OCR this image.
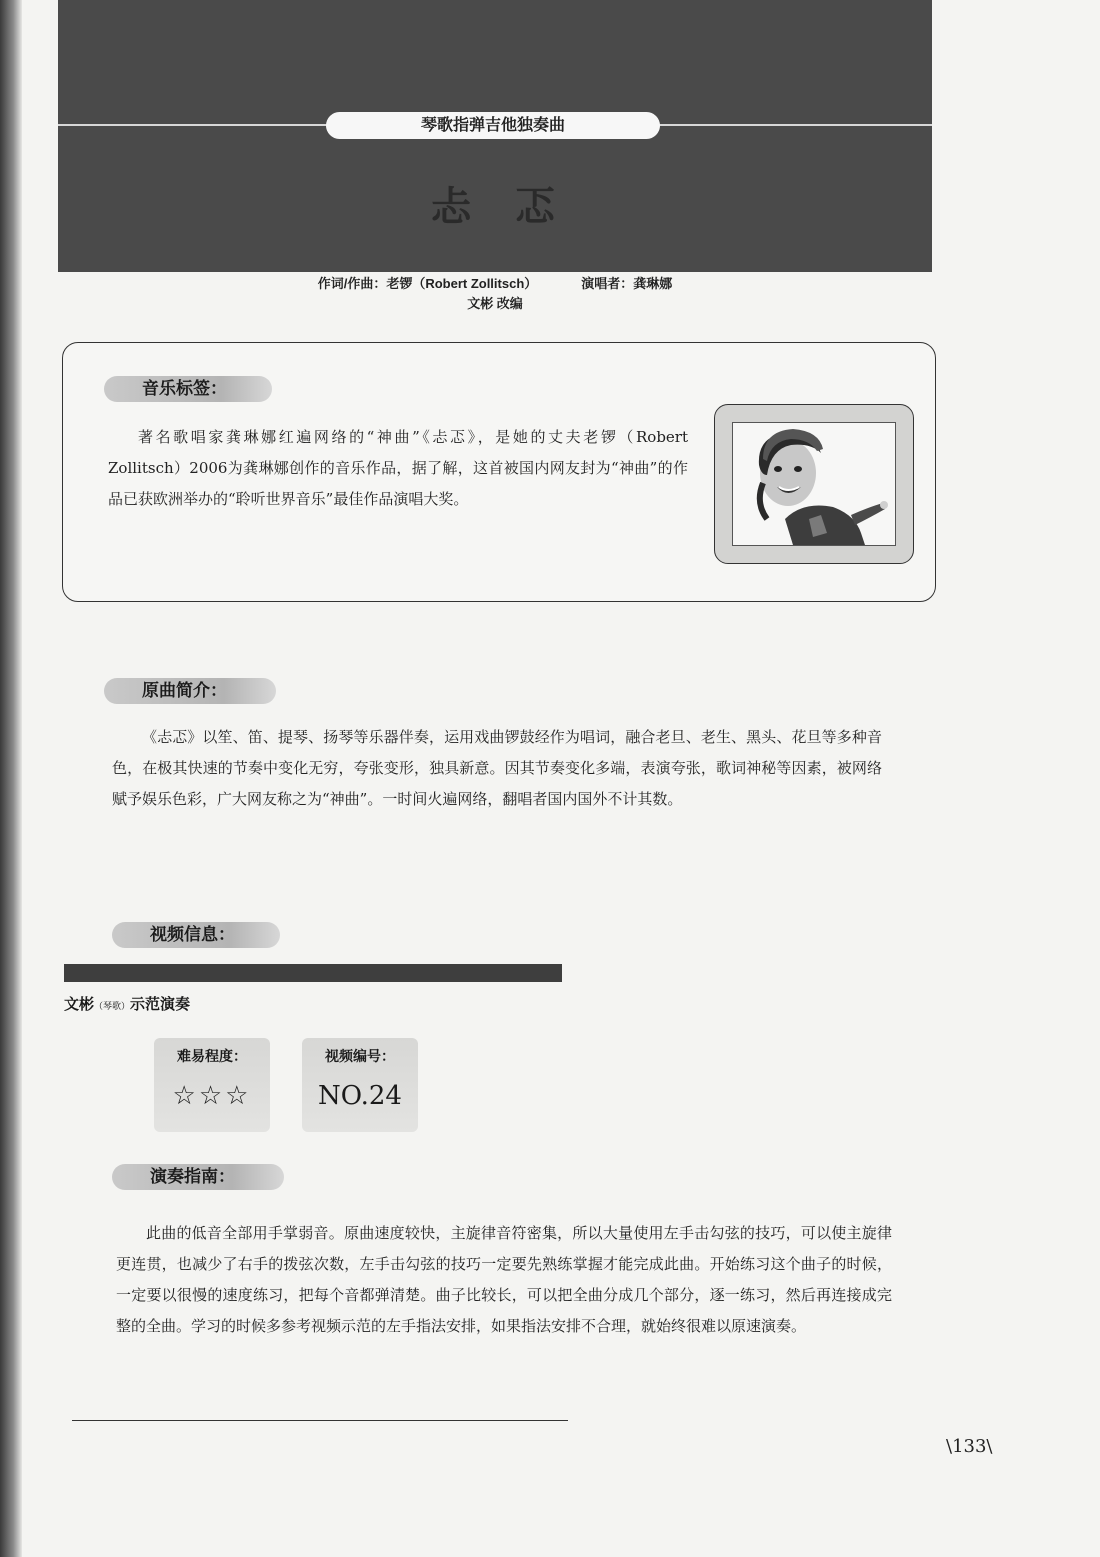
琴歌指弹吉他独奏曲
忐忑
作词/作曲：老锣（Robert Zollitsch）	演唱者：龚琳娜
文彬 改编
音乐标签：
著名歌唱家龚琳娜红遍网络的“神曲”《忐忑》，是她的丈夫老锣（Robert Zollitsch）2006为龚琳娜创作的音乐作品，据了解，这首被国内网友封为“神曲”的作品已获欧洲举办的“聆听世界音乐”最佳作品演唱大奖。
原曲简介：
《忐忑》以笙、笛、提琴、扬琴等乐器伴奏，运用戏曲锣鼓经作为唱词，融合老旦、老生、黑头、花旦等多种音色，在极其快速的节奏中变化无穷，夸张变形，独具新意。因其节奏变化多端，表演夸张，歌词神秘等因素，被网络赋予娱乐色彩，广大网友称之为“神曲”。一时间火遍网络，翻唱者国内国外不计其数。
视频信息：
文彬（琴歌）示范演奏
难易程度：
☆☆☆
视频编号：
NO.24
演奏指南：
此曲的低音全部用手掌弱音。原曲速度较快，主旋律音符密集，所以大量使用左手击勾弦的技巧，可以使主旋律更连贯，也减少了右手的拨弦次数，左手击勾弦的技巧一定要先熟练掌握才能完成此曲。开始练习这个曲子的时候，一定要以很慢的速度练习，把每个音都弹清楚。曲子比较长，可以把全曲分成几个部分，逐一练习，然后再连接成完整的全曲。学习的时候多参考视频示范的左手指法安排，如果指法安排不合理，就始终很难以原速演奏。
\133\
